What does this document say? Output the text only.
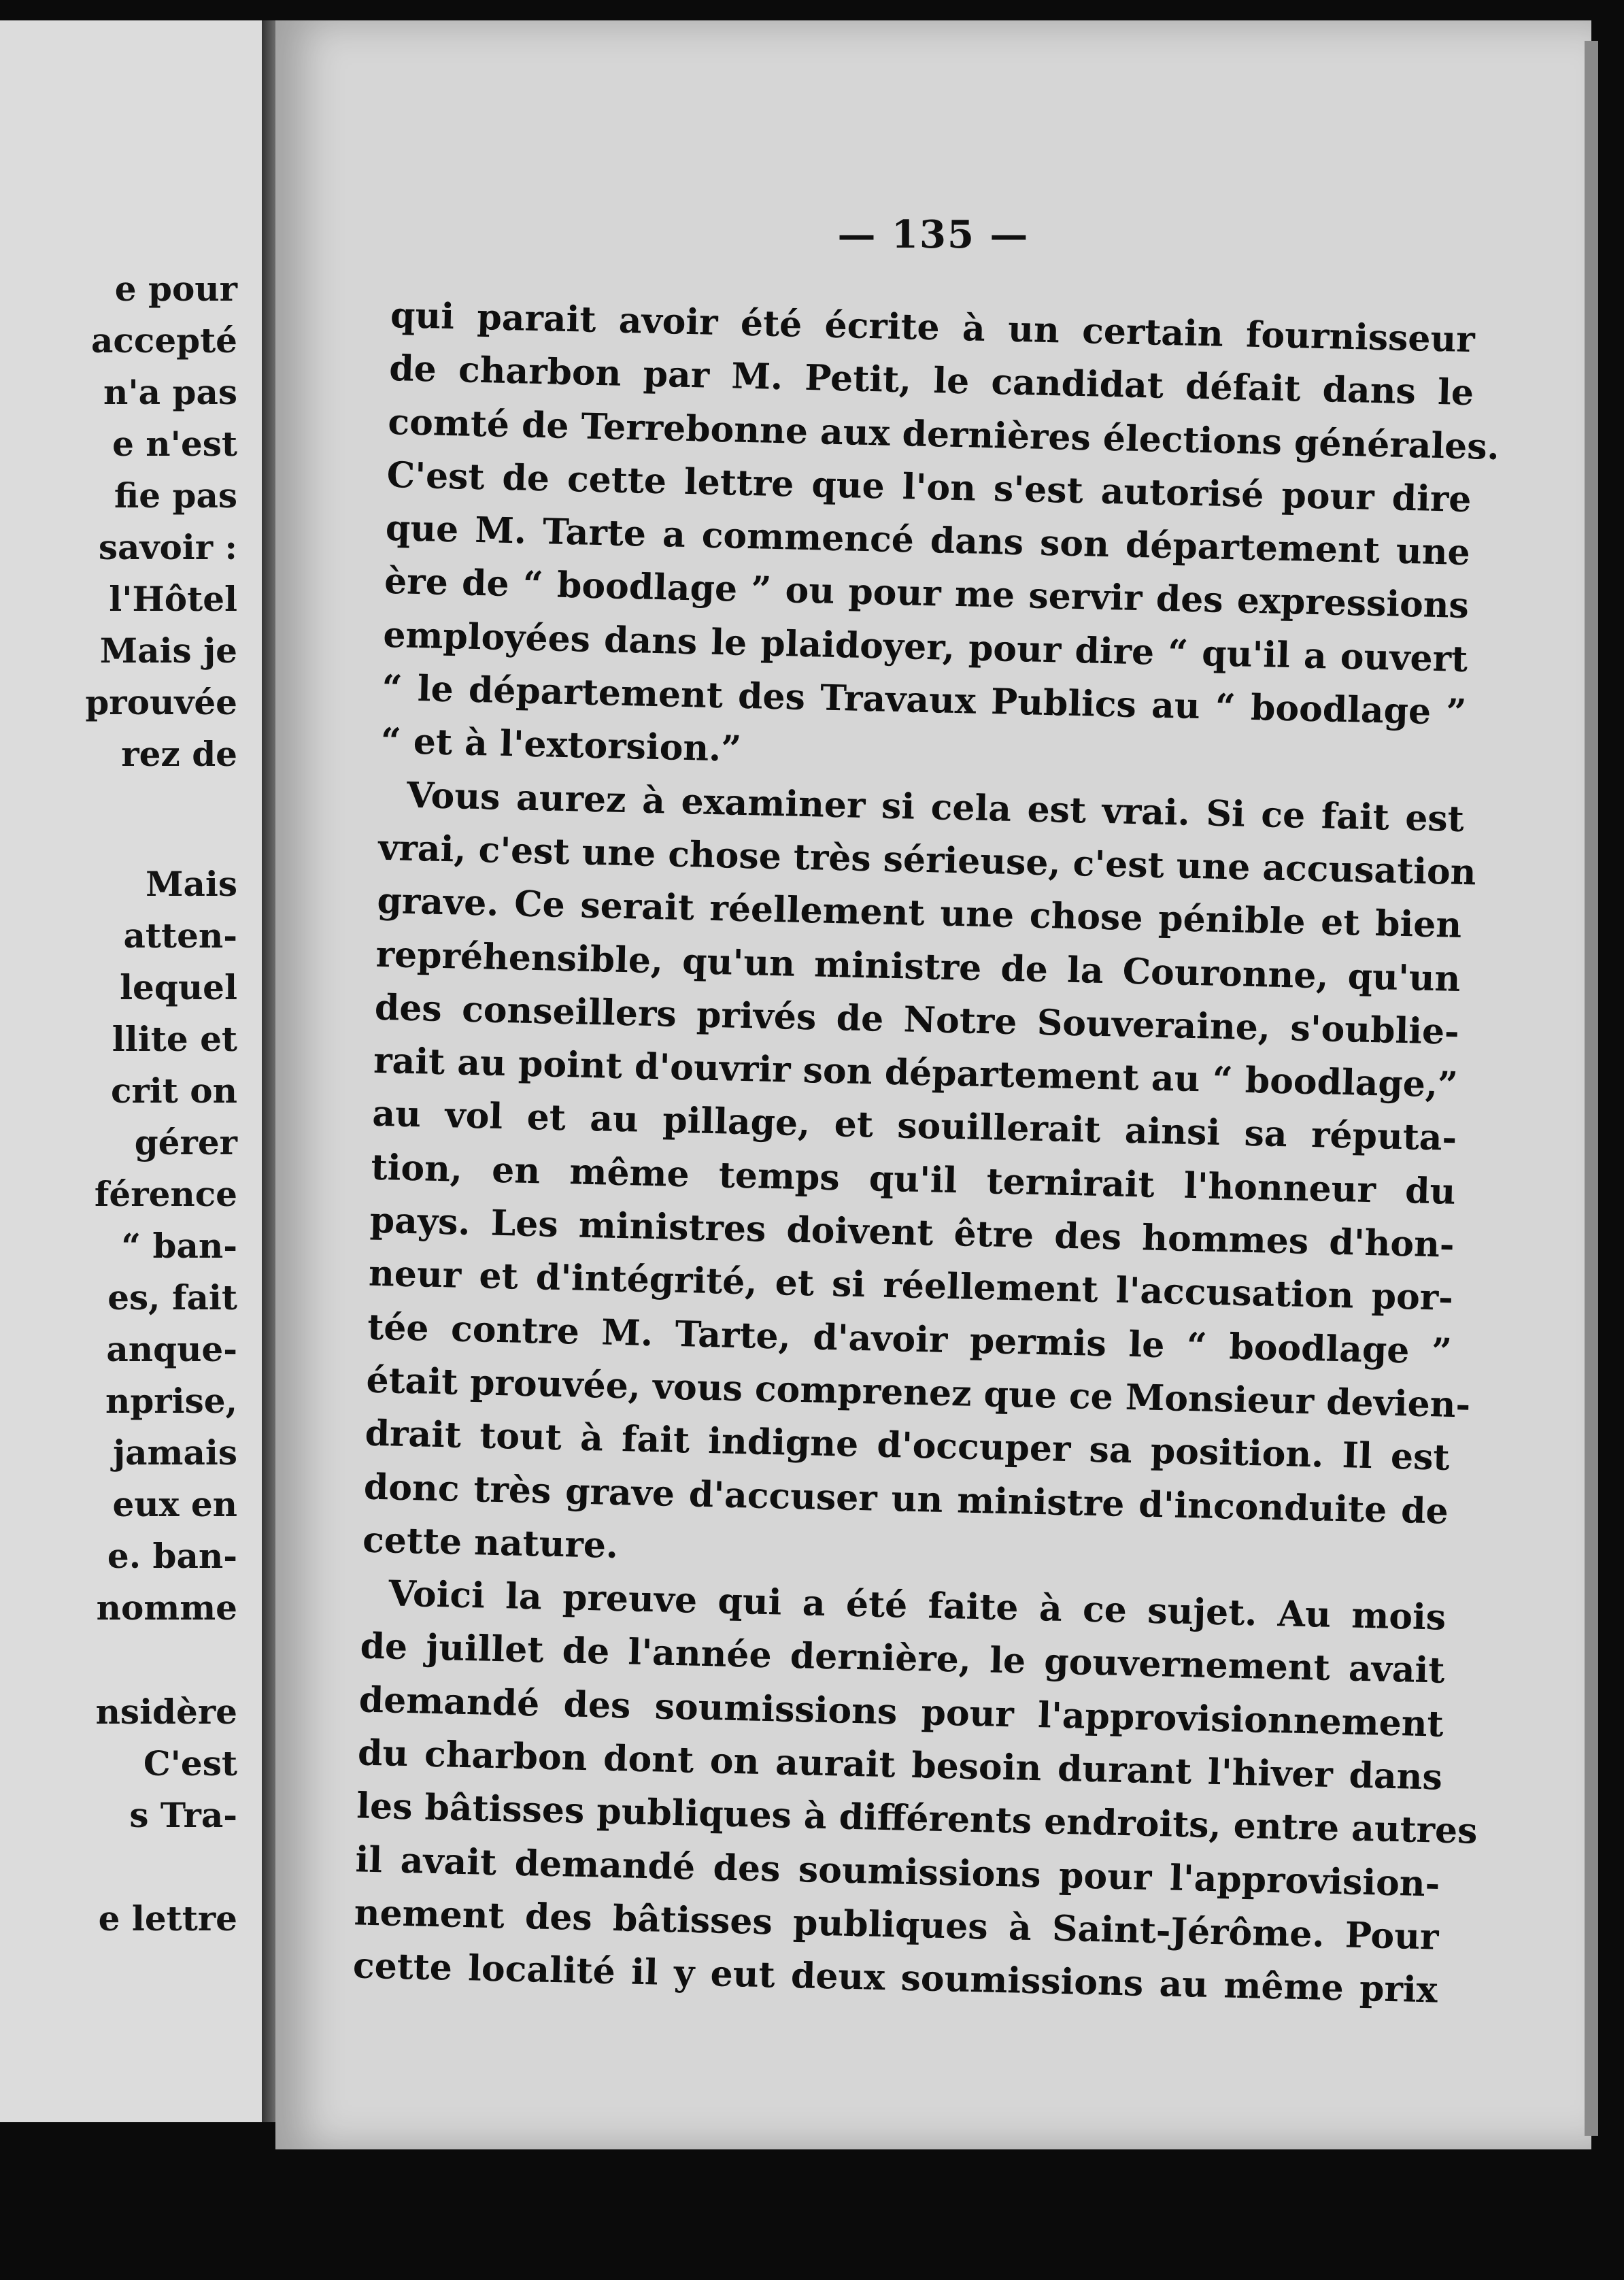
e pour
accepté
n'a pas
e n'est
fie pas
savoir :
l'Hôtel
Mais je
prouvée
rez de
Mais
atten-
lequel
llite et
crit on
gérer
férence
“ ban-
es, fait
anque-
nprise,
jamais
eux en
e. ban-
nomme
nsidère
C'est
s Tra-
e lettre
— 135 —
qui parait avoir été écrite à un certain fournisseur
de charbon par M. Petit, le candidat défait dans le
comté de Terrebonne aux dernières élections générales.
C'est de cette lettre que l'on s'est autorisé pour dire
que M. Tarte a commencé dans son département une
ère de “ boodlage ” ou pour me servir des expressions
employées dans le plaidoyer, pour dire “ qu'il a ouvert
“ le département des Travaux Publics au “ boodlage ”
“ et à l'extorsion.”
Vous aurez à examiner si cela est vrai. Si ce fait est
vrai, c'est une chose très sérieuse, c'est une accusation
grave. Ce serait réellement une chose pénible et bien
repréhensible, qu'un ministre de la Couronne, qu'un
des conseillers privés de Notre Souveraine, s'oublie-
rait au point d'ouvrir son département au “ boodlage,”
au vol et au pillage, et souillerait ainsi sa réputa-
tion, en même temps qu'il ternirait l'honneur du
pays. Les ministres doivent être des hommes d'hon-
neur et d'intégrité, et si réellement l'accusation por-
tée contre M. Tarte, d'avoir permis le “ boodlage ”
était prouvée, vous comprenez que ce Monsieur devien-
drait tout à fait indigne d'occuper sa position. Il est
donc très grave d'accuser un ministre d'inconduite de
cette nature.
Voici la preuve qui a été faite à ce sujet. Au mois
de juillet de l'année dernière, le gouvernement avait
demandé des soumissions pour l'approvisionnement
du charbon dont on aurait besoin durant l'hiver dans
les bâtisses publiques à différents endroits, entre autres
il avait demandé des soumissions pour l'approvision-
nement des bâtisses publiques à Saint-Jérôme. Pour
cette localité il y eut deux soumissions au même prix
